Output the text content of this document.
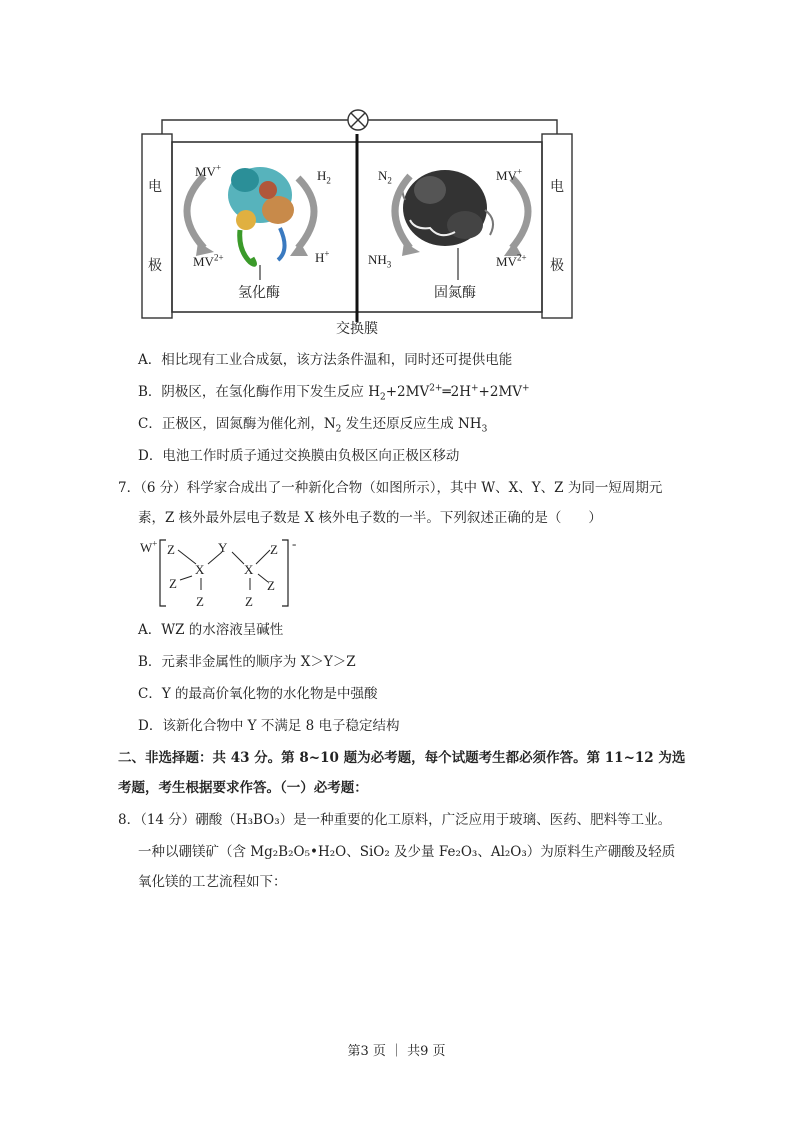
电
极
电
极
MV+
$MV^{2+}$
$H_2$
H+
$N_2$
$NH_3$
MV+
$MV^{2+}$
氢化酶	固氮酶
交换膜
A．相比现有工业合成氨，该方法条件温和，同时还可提供电能
B．阴极区，在氢化酶作用下发生反应 $H_2+2MV^{2+}═2H^++2MV^+$
C．正极区，固氮酶为催化剂，$N_2$ 发生还原反应生成 $NH_3$
D．电池工作时质子通过交换膜由负极区向正极区移动
7．（6 分）科学家合成出了一种新化合物（如图所示），其中 W、X、Y、Z 为同一短周期元
素，Z 核外最外层电子数是 X 核外电子数的一半。下列叙述正确的是（　　）
W+ Z	Y	Z -
X	X
Z	Z
Z	Z
A．WZ 的水溶液呈碱性
B．元素非金属性的顺序为 X＞Y＞Z
C．Y 的最高价氧化物的水化物是中强酸
D．该新化合物中 Y 不满足 8 电子稳定结构
二、非选择题：共 43 分。第 8~10 题为必考题，每个试题考生都必须作答。第 11~12 为选
考题，考生根据要求作答。（一）必考题：
8．（14 分）硼酸（H₃BO₃）是一种重要的化工原料，广泛应用于玻璃、医药、肥料等工业。
一种以硼镁矿（含 Mg₂B₂O₅•H₂O、SiO₂ 及少量 Fe₂O₃、Al₂O₃）为原料生产硼酸及轻质
氧化镁的工艺流程如下：
第3 页 ｜ 共9 页
